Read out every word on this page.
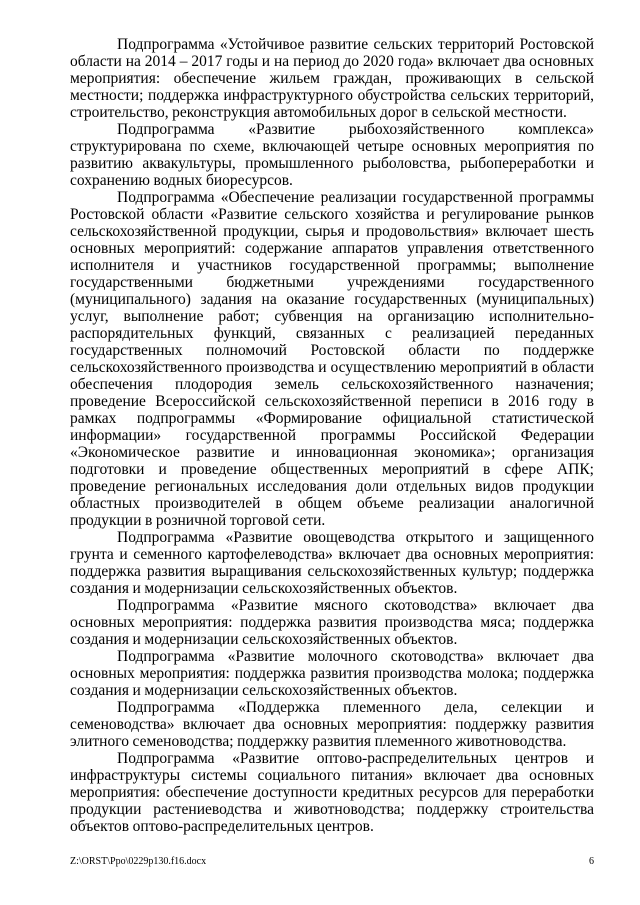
Подпрограмма «Устойчивое развитие сельских территорий Ростовской области на 2014 – 2017 годы и на период до 2020 года» включает два основных мероприятия: обеспечение жильем граждан, проживающих в сельской местности; поддержка инфраструктурного обустройства сельских территорий, строительство, реконструкция автомобильных дорог в сельской местности.

Подпрограмма «Развитие рыбохозяйственного комплекса» структурирована по схеме, включающей четыре основных мероприятия по развитию аквакультуры, промышленного рыболовства, рыбопереработки и сохранению водных биоресурсов.

Подпрограмма «Обеспечение реализации государственной программы Ростовской области «Развитие сельского хозяйства и регулирование рынков сельскохозяйственной продукции, сырья и продовольствия» включает шесть основных мероприятий: содержание аппаратов управления ответственного исполнителя и участников государственной программы; выполнение государственными бюджетными учреждениями государственного (муниципального) задания на оказание государственных (муниципальных) услуг, выполнение работ; субвенция на организацию исполнительно-распорядительных функций, связанных с реализацией переданных государственных полномочий Ростовской области по поддержке сельскохозяйственного производства и осуществлению мероприятий в области обеспечения плодородия земель сельскохозяйственного назначения; проведение Всероссийской сельскохозяйственной переписи в 2016 году в рамках подпрограммы «Формирование официальной статистической информации» государственной программы Российской Федерации «Экономическое развитие и инновационная экономика»; организация подготовки и проведение общественных мероприятий в сфере АПК; проведение региональных исследования доли отдельных видов продукции областных производителей в общем объеме реализации аналогичной продукции в розничной торговой сети.

Подпрограмма «Развитие овощеводства открытого и защищенного грунта и семенного картофелеводства» включает два основных мероприятия: поддержка развития выращивания сельскохозяйственных культур; поддержка создания и модернизации сельскохозяйственных объектов.

Подпрограмма «Развитие мясного скотоводства» включает два основных мероприятия: поддержка развития производства мяса; поддержка создания и модернизации сельскохозяйственных объектов.

Подпрограмма «Развитие молочного скотоводства» включает два основных мероприятия: поддержка развития производства молока; поддержка создания и модернизации сельскохозяйственных объектов.

Подпрограмма «Поддержка племенного дела, селекции и семеноводства» включает два основных мероприятия: поддержку развития элитного семеноводства; поддержку развития племенного животноводства.

Подпрограмма «Развитие оптово-распределительных центров и инфраструктуры системы социального питания» включает два основных мероприятия: обеспечение доступности кредитных ресурсов для переработки продукции растениеводства и животноводства; поддержку строительства объектов оптово-распределительных центров.

Z:\ORST\Ppo\0229p130.f16.docx	6
